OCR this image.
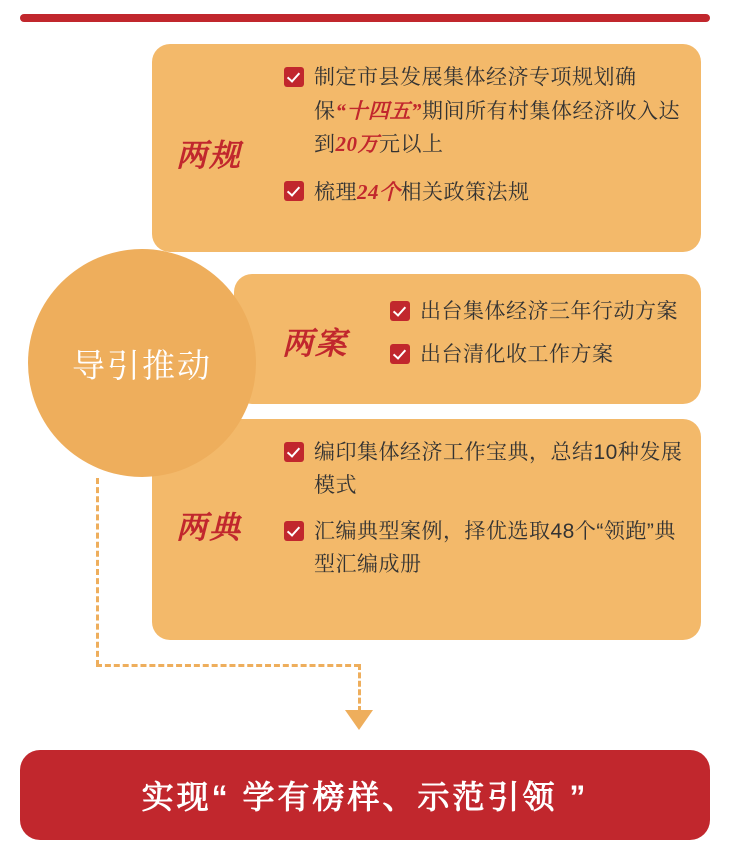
导引推动
两规
两案
两典
制定市县发展集体经济专项规划确保“十四五”期间所有村集体经济收入达到20万元以上
梳理24个相关政策法规
出台集体经济三年行动方案
出台清化收工作方案
编印集体经济工作宝典，总结10种发展模式
汇编典型案例，择优选取48个“领跑”典型汇编成册
实现“ 学有榜样、示范引领 ”
